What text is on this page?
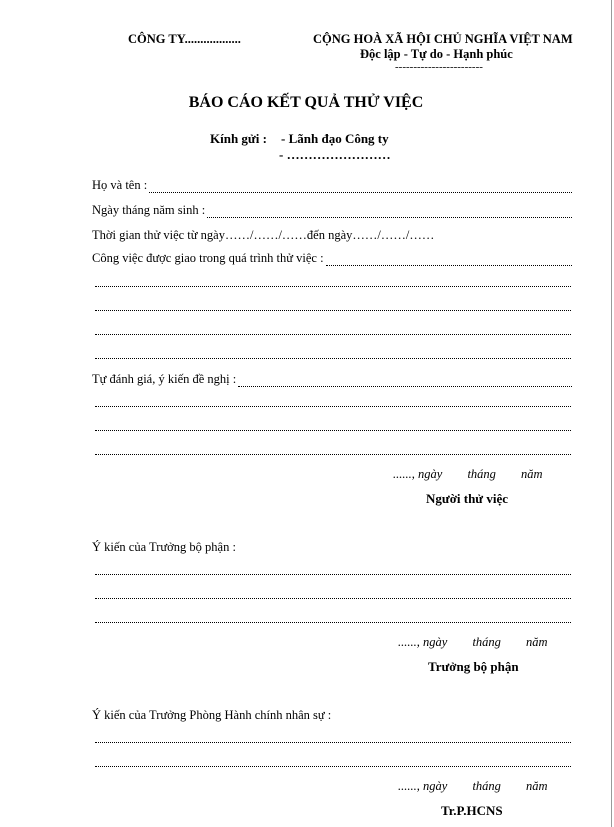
CÔNG TY..................	CỘNG HOÀ XÃ HỘI CHỦ NGHĨA VIỆT NAM
Độc lập - Tự do - Hạnh phúc
------------------------
BÁO CÁO KẾT QUẢ THỬ VIỆC
Kính gửi : - Lãnh đạo Công ty
- ……………………
Họ và tên :
Ngày tháng năm sinh :
Thời gian thử việc từ ngày……/……/……đến ngày……/……/……
Công việc được giao trong quá trình thử việc :
Tự đánh giá, ý kiến đề nghị :
......, ngày tháng năm
Người thử việc
Ý kiến của Trưởng bộ phận :
......, ngày tháng năm
Trưởng bộ phận
Ý kiến của Trưởng Phòng Hành chính nhân sự :
......, ngày tháng năm
Tr.P.HCNS
